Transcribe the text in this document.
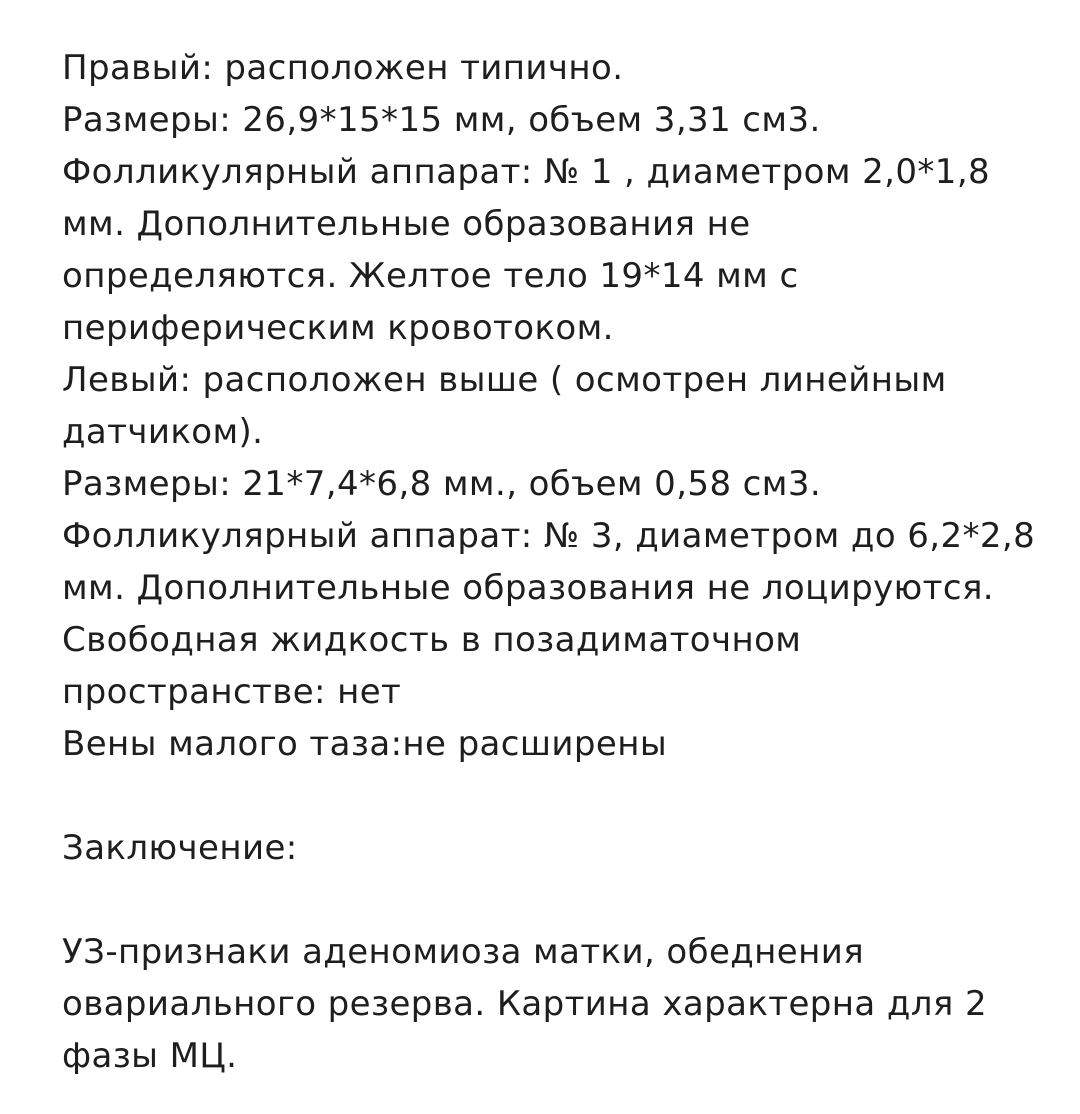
Правый: расположен типично.
Размеры: 26,9*15*15 мм, объем 3,31 см3.
Фолликулярный аппарат: № 1 , диаметром 2,0*1,8
мм. Дополнительные образования не
определяются. Желтое тело 19*14 мм с
периферическим кровотоком.
Левый: расположен выше ( осмотрен линейным
датчиком).
Размеры: 21*7,4*6,8 мм., объем 0,58 см3.
Фолликулярный аппарат: № 3, диаметром до 6,2*2,8
мм. Дополнительные образования не лоцируются.
Свободная жидкость в позадиматочном
пространстве: нет
Вены малого таза:не расширены
Заключение:
УЗ-признаки аденомиоза матки, обеднения
овариального резерва. Картина характерна для 2
фазы МЦ.
